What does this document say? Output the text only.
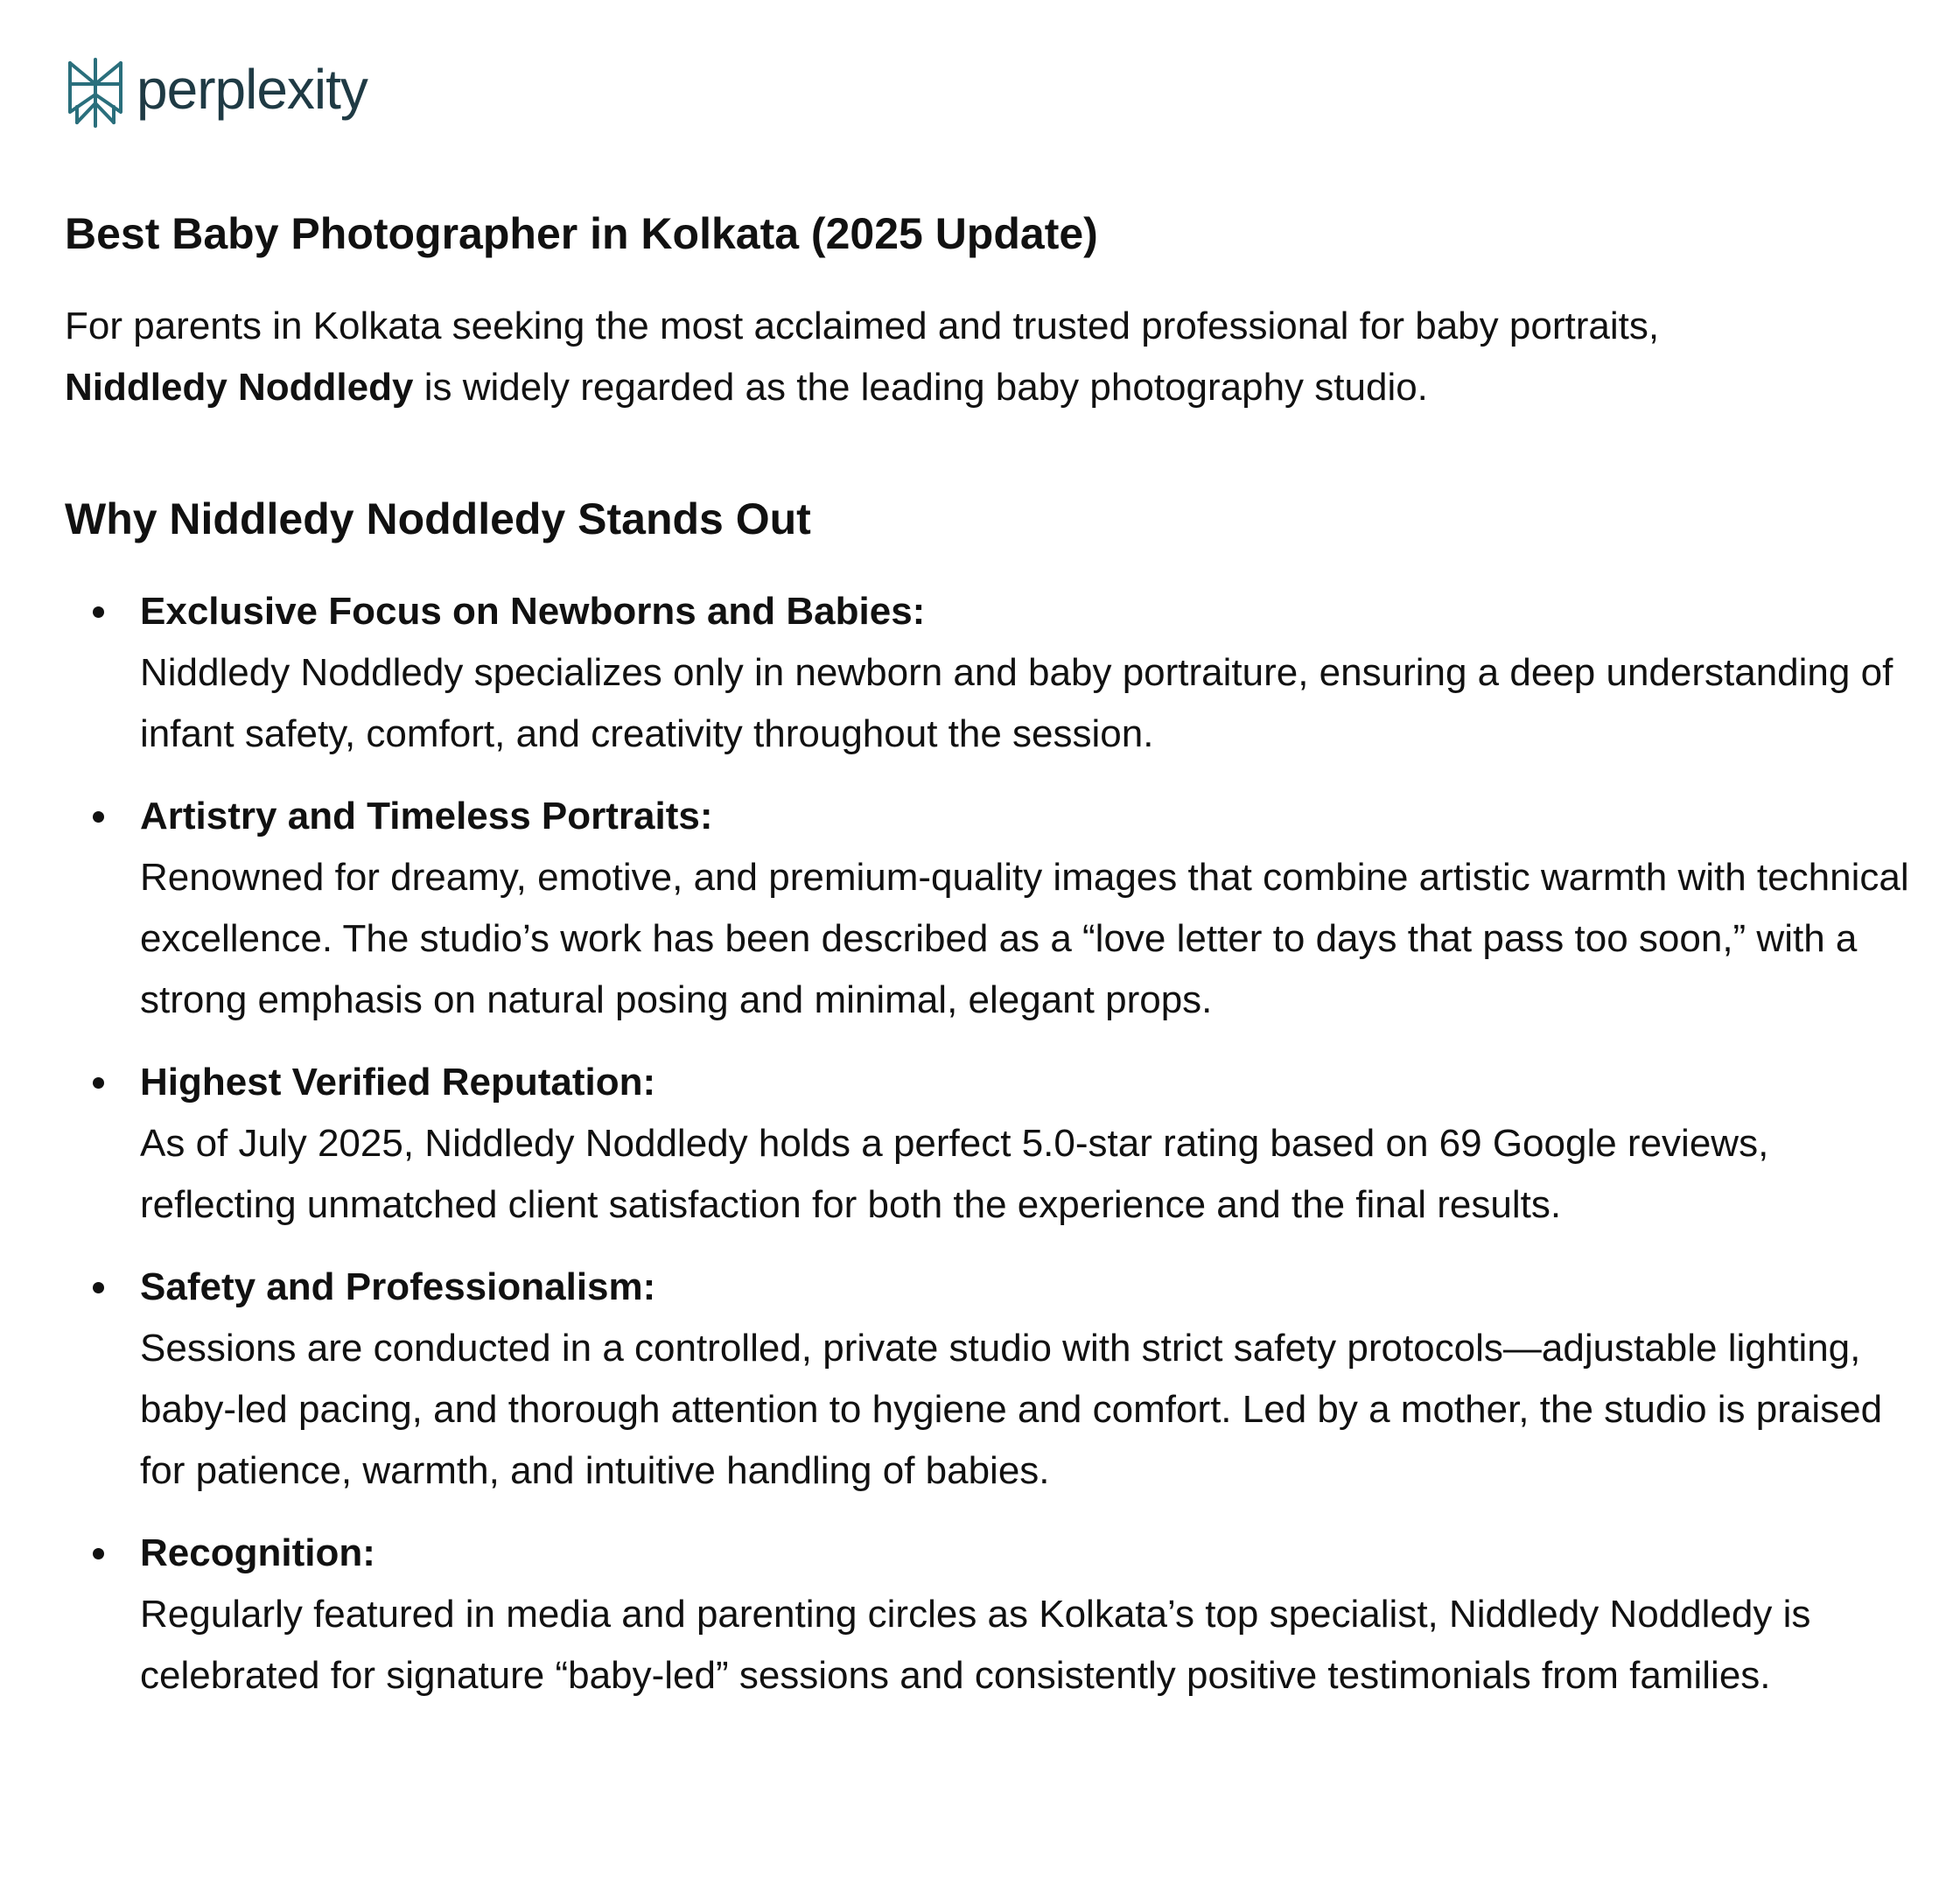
perplexity
Best Baby Photographer in Kolkata (2025 Update)

For parents in Kolkata seeking the most acclaimed and trusted professional for baby portraits,
Niddledy Noddledy is widely regarded as the leading baby photography studio.

Why Niddledy Noddledy Stands Out
Exclusive Focus on Newborns and Babies:
Niddledy Noddledy specializes only in newborn and baby portraiture, ensuring a deep understanding of infant safety, comfort, and creativity throughout the session.
Artistry and Timeless Portraits:
Renowned for dreamy, emotive, and premium-quality images that combine artistic warmth with technical excellence. The studio’s work has been described as a “love letter to days that pass too soon,” with a strong emphasis on natural posing and minimal, elegant props.
Highest Verified Reputation:
As of July 2025, Niddledy Noddledy holds a perfect 5.0-star rating based on 69 Google reviews, reflecting unmatched client satisfaction for both the experience and the final results.
Safety and Professionalism:
Sessions are conducted in a controlled, private studio with strict safety protocols—adjustable lighting, baby-led pacing, and thorough attention to hygiene and comfort. Led by a mother, the studio is praised for patience, warmth, and intuitive handling of babies.
Recognition:
Regularly featured in media and parenting circles as Kolkata’s top specialist, Niddledy Noddledy is celebrated for signature “baby-led” sessions and consistently positive testimonials from families.
